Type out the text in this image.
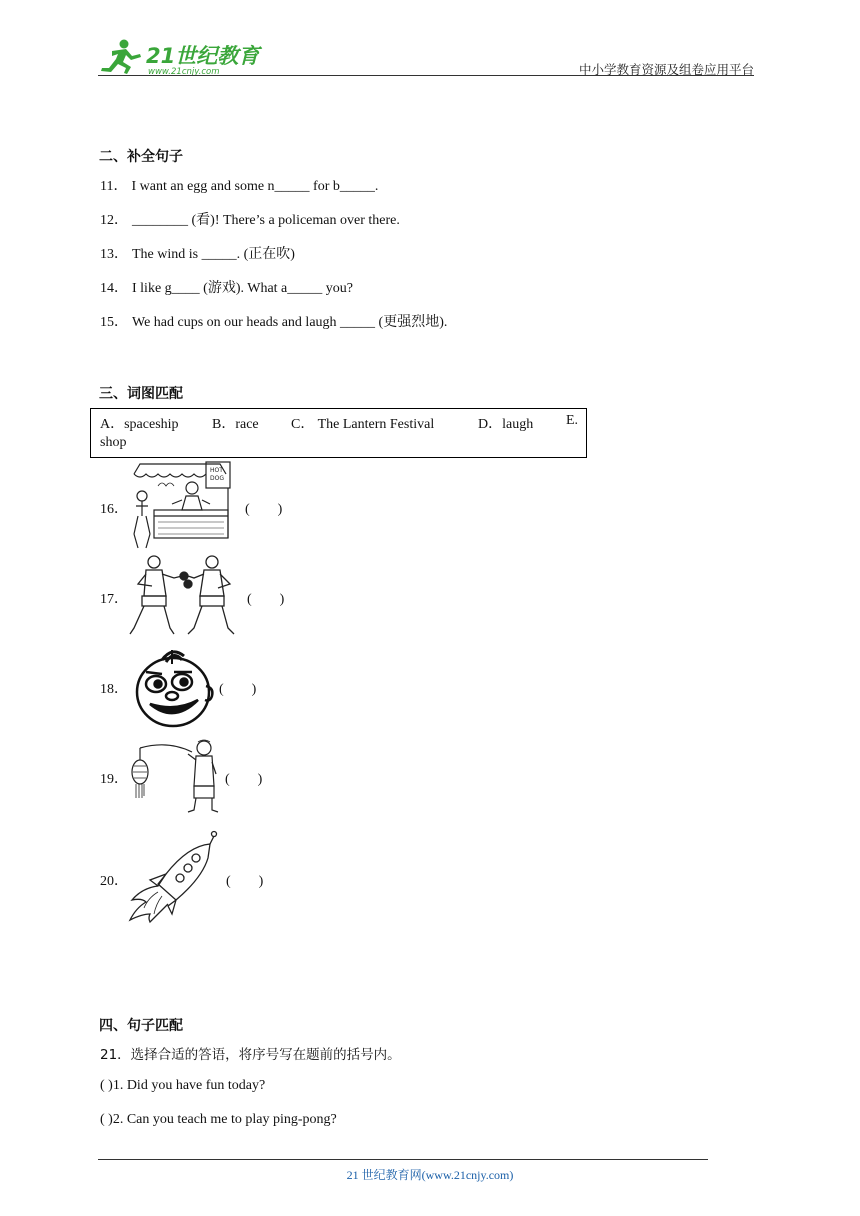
21世纪教育
www.21cnjy.com	中小学教育资源及组卷应用平台
二、补全句子
11． I want an egg and some n_____ for b_____.
12． ________ (看)! There’s a policeman over there.
13． The wind is _____. (正在吹)
14． I like g____ (游戏). What a_____ you?
15． We had cups on our heads and laugh _____ (更强烈地).
三、词图匹配
A．spaceship B．race C． The Lantern Festival	D．laugh E.
shop
16．
HOT
DOG
(　　)
17．	(　　)
18．	(　　)
19．	(　　)
20．	(　　)
四、句子匹配
21．选择合适的答语，将序号写在题前的括号内。
( )1. Did you have fun today?
( )2. Can you teach me to play ping-pong?
21 世纪教育网(www.21cnjy.com)
